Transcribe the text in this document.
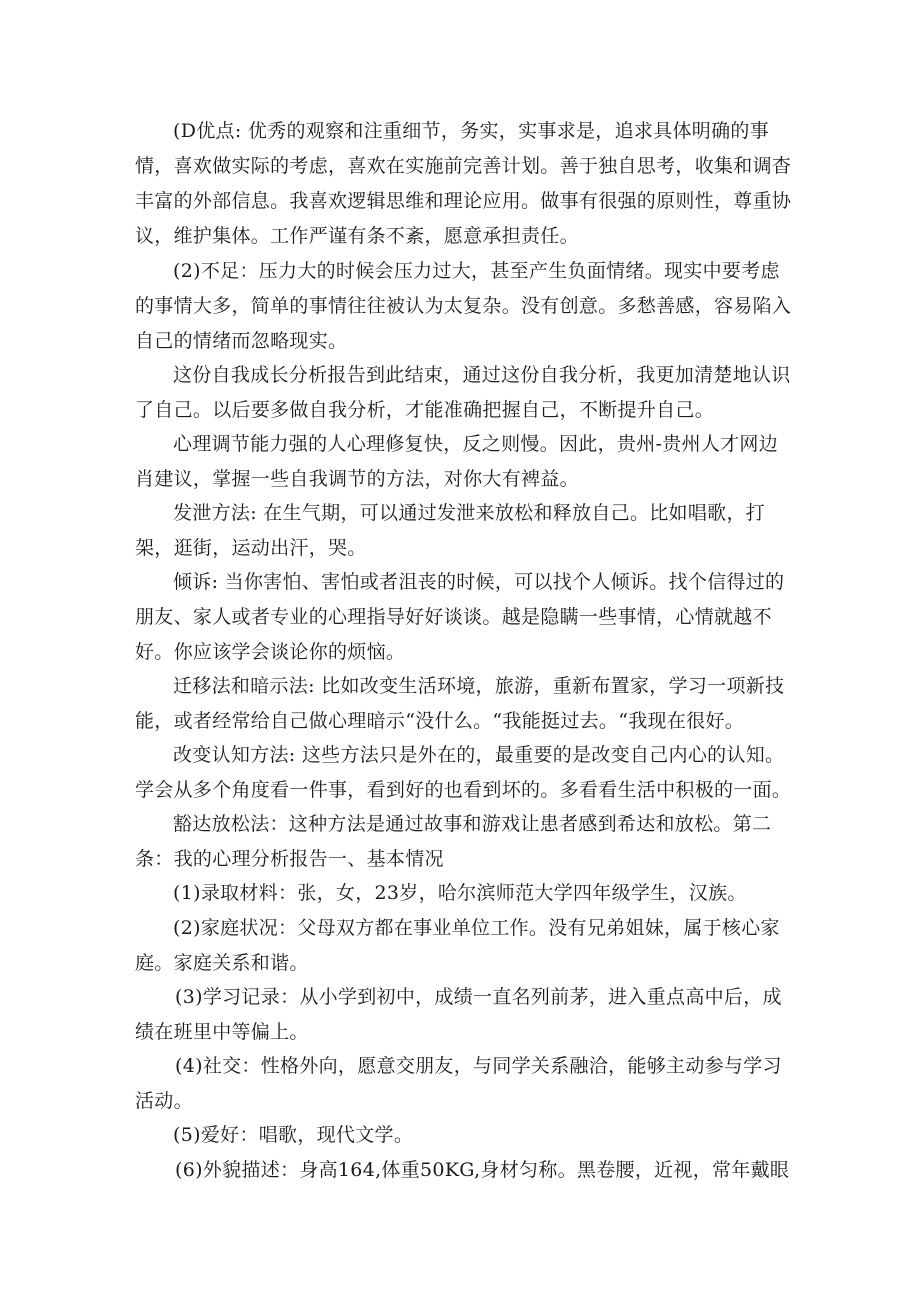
(D优点: 优秀的观察和注重细节，务实，实事求是，追求具体明确的事情，喜欢做实际的考虑，喜欢在实施前完善计划。善于独自思考，收集和调杳丰富的外部信息。我喜欢逻辑思维和理论应用。做事有很强的原则性，尊重协议，维护集体。工作严谨有条不紊，愿意承担责任。

(2)不足：压力大的时候会压力过大，甚至产生负面情绪。现实中要考虑的事情大多，简单的事情往往被认为太复杂。没有创意。多愁善感，容易陷入自己的情绪而忽略现实。

这份自我成长分析报告到此结束，通过这份自我分析，我更加清楚地认识了自己。以后要多做自我分析，才能准确把握自己，不断提升自己。

心理调节能力强的人心理修复快，反之则慢。因此，贵州-贵州人才网边肖建议，掌握一些自我调节的方法，对你大有裨益。

发泄方法: 在生气期，可以通过发泄来放松和释放自己。比如唱歌，打架，逛街，运动出汗，哭。

倾诉: 当你害怕、害怕或者沮丧的时候，可以找个人倾诉。找个信得过的朋友、家人或者专业的心理指导好好谈谈。越是隐瞒一些事情，心情就越不好。你应该学会谈论你的烦恼。

迁移法和暗示法: 比如改变生活环境，旅游，重新布置家，学习一项新技能，或者经常给自己做心理暗示“没什么。“我能挺过去。“我现在很好。

改变认知方法: 这些方法只是外在的，最重要的是改变自己内心的认知。学会从多个角度看一件事，看到好的也看到坏的。多看看生活中积极的一面。

豁达放松法：这种方法是通过故事和游戏让患者感到希达和放松。第二条：我的心理分析报告一、基本情况

(1)录取材料：张，女，23岁，哈尔滨师范大学四年级学生，汉族。

(2)家庭状况：父母双方都在事业单位工作。没有兄弟姐妹，属于核心家庭。家庭关系和谐。

(3)学习记录：从小学到初中，成绩一直名列前茅，进入重点高中后，成绩在班里中等偏上。

(4)社交：性格外向，愿意交朋友，与同学关系融洽，能够主动参与学习活动。

(5)爱好：唱歌，现代文学。

(6)外貌描述：身高164,体重50KG,身材匀称。黑卷腰，近视，常年戴眼
